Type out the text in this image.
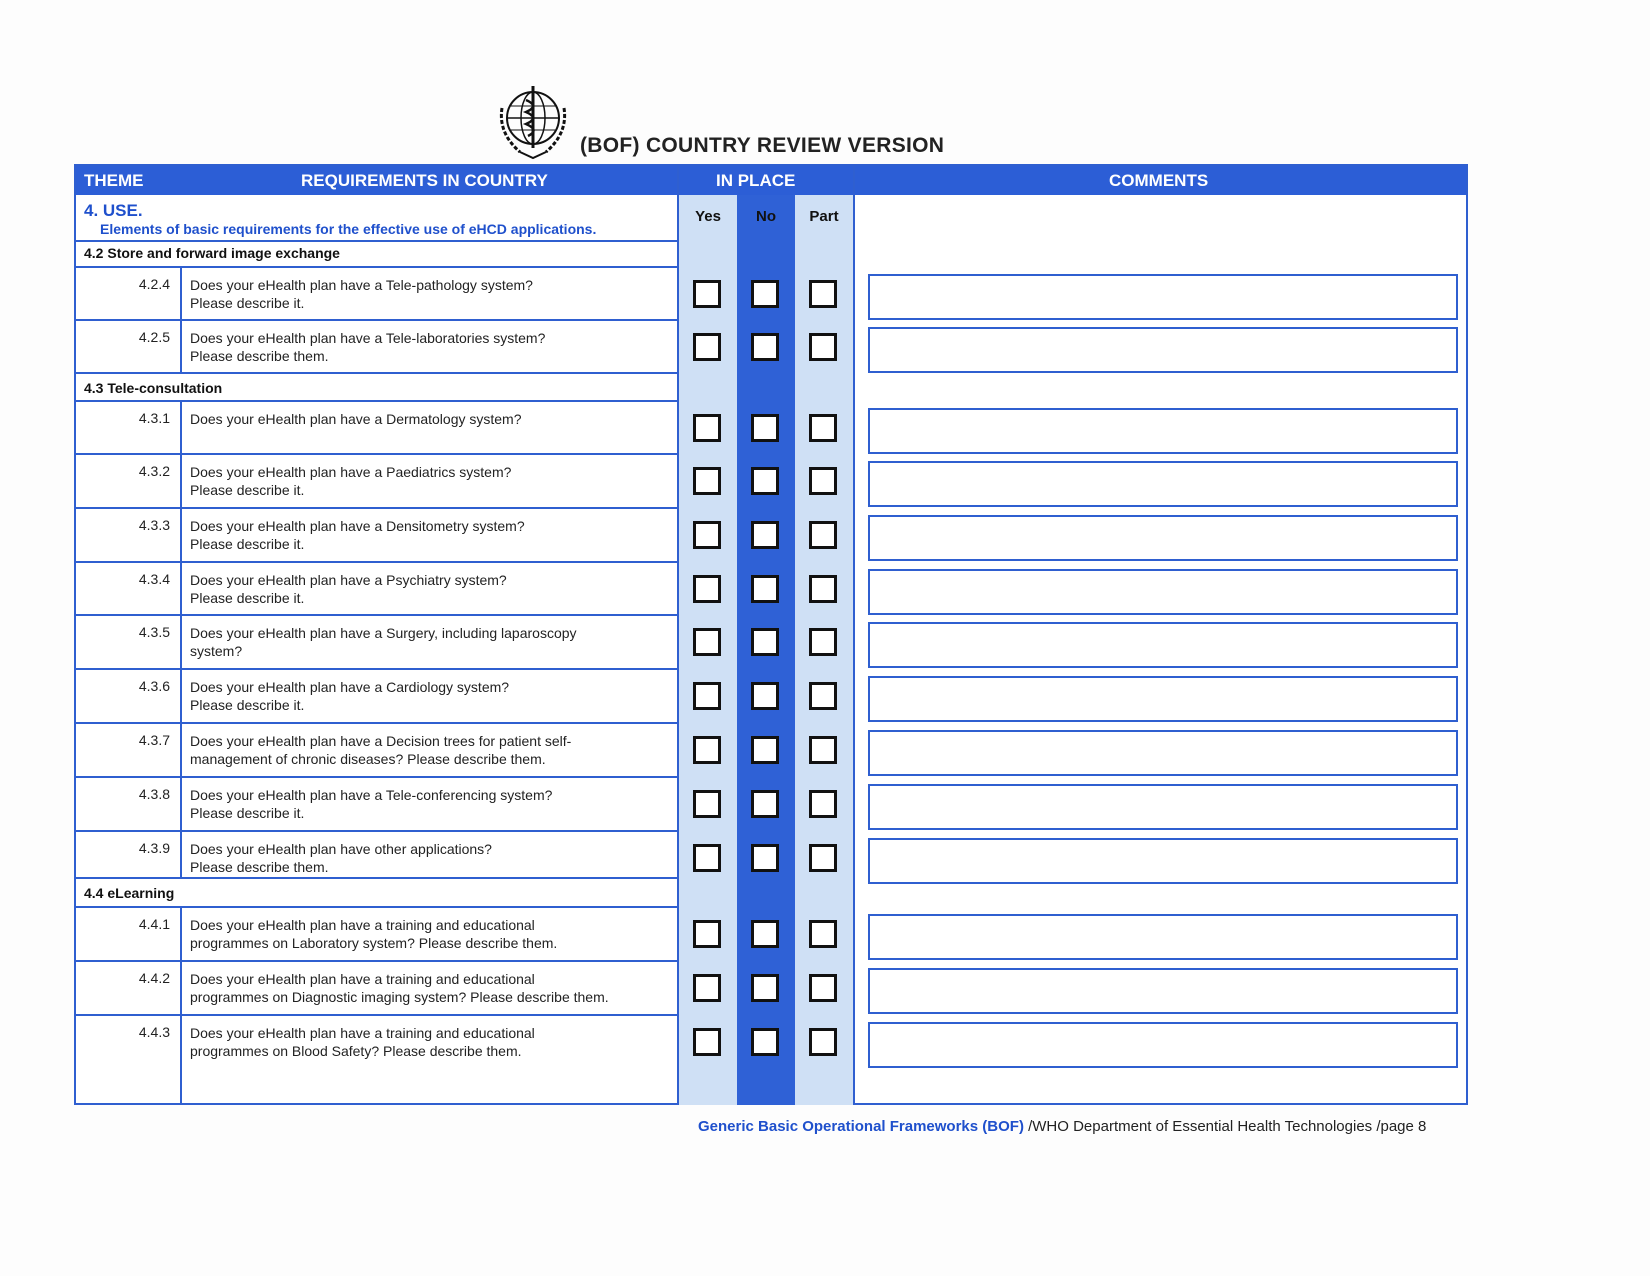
(BOF) COUNTRY REVIEW VERSION
THEME	REQUIREMENTS IN COUNTRY	IN PLACE	COMMENTS
Yes	No	Part
4. USE.
Elements of basic requirements for the effective use of eHCD applications.
4.2 Store and forward image exchange
4.2.4 Does your eHealth plan have a Tele-pathology system?
Please describe it.
4.2.5 Does your eHealth plan have a Tele-laboratories system?
Please describe them.
4.3 Tele-consultation
4.3.1 Does your eHealth plan have a Dermatology system?
4.3.2 Does your eHealth plan have a Paediatrics system?
Please describe it.
4.3.3 Does your eHealth plan have a Densitometry system?
Please describe it.
4.3.4 Does your eHealth plan have a Psychiatry system?
Please describe it.
4.3.5 Does your eHealth plan have a Surgery, including laparoscopy
system?
4.3.6 Does your eHealth plan have a Cardiology system?
Please describe it.
4.3.7 Does your eHealth plan have a Decision trees for patient self-
management of chronic diseases? Please describe them.
4.3.8 Does your eHealth plan have a Tele-conferencing system?
Please describe it.
4.3.9 Does your eHealth plan have other applications?
Please describe them.
4.4 eLearning
4.4.1 Does your eHealth plan have a training and educational
programmes on Laboratory system? Please describe them.
4.4.2 Does your eHealth plan have a training and educational
programmes on Diagnostic imaging system? Please describe them.
4.4.3 Does your eHealth plan have a training and educational
programmes on Blood Safety? Please describe them.
Generic Basic Operational Frameworks (BOF) /WHO Department of Essential Health Technologies /page 8
